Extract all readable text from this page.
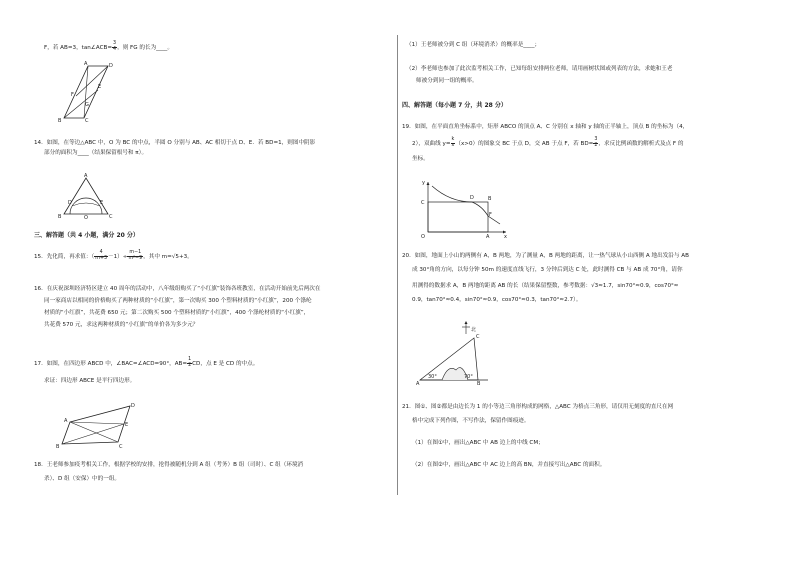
F，若 AB=3，tan∠ACB= $\frac{3}{4}$ ，则 FG 的长为____。
A
B	C
D
E
F
G
14．如图，在等边△ABC 中，O 为 BC 的中点，半圆 O 分别与 AB、AC 相切于点 D、E．若 BD=1，则图中阴影
部分的面积为____（结果保留根号和 π）。
A
B	C
O
D	E
三、解答题（共 4 小题，满分 20 分）
15．先化简，再求值：（ $\frac{4}{m+3} -1)\div \frac{m-1}{\text{m²−9}}$ ，其中 m=√5+3。
16．在庆祝深圳经济特区建立 40 周年的活动中，八年级组购买了“小红旗”装饰各班教室，在活动开始前先后两次在
同一家商店以相同的价格购买了两种材质的“小红旗”，第一次购买 300 个塑料材质的“小红旗”，200 个涤纶
材质的“小红旗”，共花费 650 元；第二次购买 500 个塑料材质的“小红旗”，400 个涤纶材质的“小红旗”，
共花费 570 元，求这两种材质的“小红旗”的单价各为多少元？
17．如图，在四边形 ABCD 中，∠BAC=∠ACD=90°，$AB= \frac{1}{2}$ CD，点 E 是 CD 的中点。
求证：四边形 ABCE 是平行四边形。
A
B	C
D
E
18．王老师参加疫考相关工作，根据学校的安排，抢得被随机分到 A 组（考务）B 组（司时）、C 组（环境消
杀）、D 组（安保）中的一组。
（1）王老师被分到 C 组（环境消杀）的概率是____；
（2）李老师也参加了此次监考相关工作，已知每组安排两位老师，请用画树状图或列表的方法，求她和王老
师被分到同一组的概率。
四、解答题（每小题 7 分，共 28 分）
19．如图，在平面直角坐标系中，矩形 ABCO 的顶点 A、C 分别在 x 轴和 y 轴的正半轴上，顶点 B 的坐标为（4，
2），双曲线 $y= \frac{k}{x} (x>0)$的图象交 BC 于点 D，交 AB 于点 F，若 $BD= \frac{3}{2}$ ，求反比例函数的解析式及点 F 的
坐标。
y
C
D	B
F
O	A	x
20．如图，地面上小山的两侧有 A，B 两地，为了测量 A，B 两地的距离，让一热气球从小山西侧 A 地出发沿与 AB
成 30°角的方向，以每分钟 50m 的速度直线飞行，3 分钟后到达 C 处，此时测得 CB 与 AB 成 70°角，请你
用测得的数据求 A，B 两地的距离 AB 的长（结果保留整数，参考数据：√3≈1.7，sin70°≈0.9，cos70°≈
0.9，tan70°≈0.4，sin70°≈0.9，cos70°≈0.3，tan70°≈2.7）。
北
C
A	B
30°	70°
21．图①、图②都是由边长为 1 的小等边三角形构成的网格，△ABC 为格点三角形，请仅用无刻度的直尺在网
格中完成下列作图，不写作法，保留作图痕迹。
（1）在图①中，画出△ABC 中 AB 边上的中线 CM；
（2）在图②中，画出△ABC 中 AC 边上的高 BN，并直接写出△ABC 的面积。
